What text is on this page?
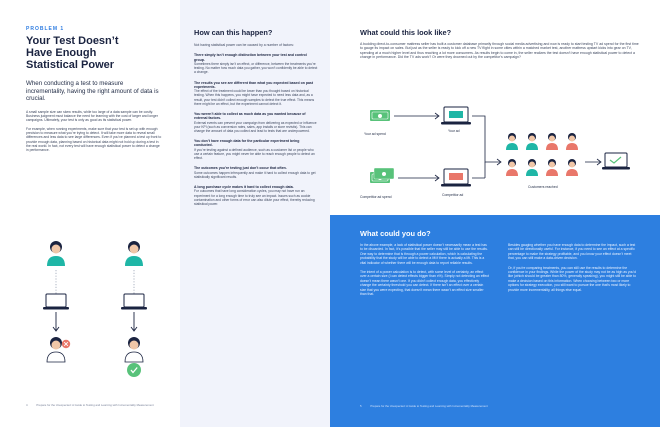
PROBLEM 1
Your Test Doesn’t
Have Enough
Statistical Power
When conducting a test to measure incrementality, having the right amount of data is crucial.
A small sample size can skew results, while too large of a data sample can be costly. Business judgment must balance the need for learning with the cost of larger and longer campaigns. Ultimately, your test is only as good as its statistical power.
For example, when running experiments, make sure that your test is set up with enough precision to measure what you’re trying to detect. It will take more data to reveal small differences and less data to see large differences. Even if you’ve planned a test up front to provide enough data, planning based on historical data might not hold up during a test in the real world. In fact, not every test will have enough statistical power to detect a change in performance.
How can this happen?
Not having statistical power can be caused by a number of factors:
There simply isn’t enough distinction between your test and control group.
Sometimes there simply isn’t an effect, or difference, between the treatments you’re testing. No matter how much data you gather, you won’t confidently be able to detect a change.
The results you see are different than what you expected based on past experiments.
The effect of the treatment could be lower than you thought based on historical testing. When this happens, you might have expected to need less data and, as a result, your test didn’t collect enough samples to detect the true effect. This means there might be an effect, but the experiment cannot detect it.
You weren’t able to collect as much data as you wanted because of external factors.
External events can prevent your campaign from delivering as expected or influence your KPI (such as conversion rates, sales, app installs or store revisits). This can change the amount of data you collect and lead to tests that are underpowered.
You don’t have enough data for the particular experiment being conducted.
If you’re testing against a defined audience, such as a customer list or people who use a certain feature, you might never be able to reach enough people to detect an effect.
The outcomes you’re testing just don’t occur that often.
Some outcomes happen infrequently and make it hard to collect enough data to get statistically significant results.
A long purchase cycle makes it hard to collect enough data.
For outcomes that have long consideration cycles, you may not have run an experiment for a long enough time to truly see an impact. Issues such as cookie contamination and other forms of error can also dilute your effect, thereby reducing statistical power.
4	Prepare for the Unexpected: A Guide to Testing and Learning with Incrementality Measurement
What could this look like?
A budding direct-to-consumer mattress seller has built a customer database primarily through social media advertising and now is ready to start testing TV ad spend for the first time to gauge its impact on sales. But just as the seller is ready to kick off a new TV flight in some cities within a matched market test, another mattress upstart kicks into gear on TV, spending at a much higher level and thus reaching a lot more consumers. As results begin to come in, the seller realizes the test doesn’t have enough statistical power to detect a change in performance. Did the TV ads work? Or were they drowned out by the competitor’s campaign?
Your ad spend
Your ad
Competitor ad spend	Competitor ad
Customers reached
What could you do?

In the above example, a lack of statistical power doesn’t necessarily mean a test has to be discarded. In fact, it’s possible that the seller may still be able to use the results. One way to determine that is through a power calculation, which is calculating the probability that the study will be able to detect a lift if there is actually a lift. This is a vital indicator of whether there will be enough data to report reliable results.

The intent of a power calculation is to detect, with some level of certainty, an effect over a certain size (I can detect effects bigger than x%). Simply not detecting an effect doesn’t mean there wasn’t one. If you didn’t collect enough data, you effectively change the certainty threshold you can detect. If there isn’t an effect over a certain size that you were expecting, that doesn’t mean there wasn’t an effect size smaller than that.

Besides gauging whether you have enough data to determine the impact, such a test can still be directionally useful. For instance, if you need to see an effect at a specific percentage to make the strategy profitable, and you know your effect doesn’t meet that, you can still make a data-driven decision.

Or, if you’re comparing treatments, you can still use the results to determine the confidence in your findings. While the power of the study may not be as high as you’d like (which should be greater than 80%, generally speaking), you might still be able to make a decision based on this information. When choosing between two or more options for strategy execution, you still want to pursue the one that’s most likely to provide more incrementality, all things else equal.

5	Prepare for the Unexpected: A Guide to Testing and Learning with Incrementality Measurement
